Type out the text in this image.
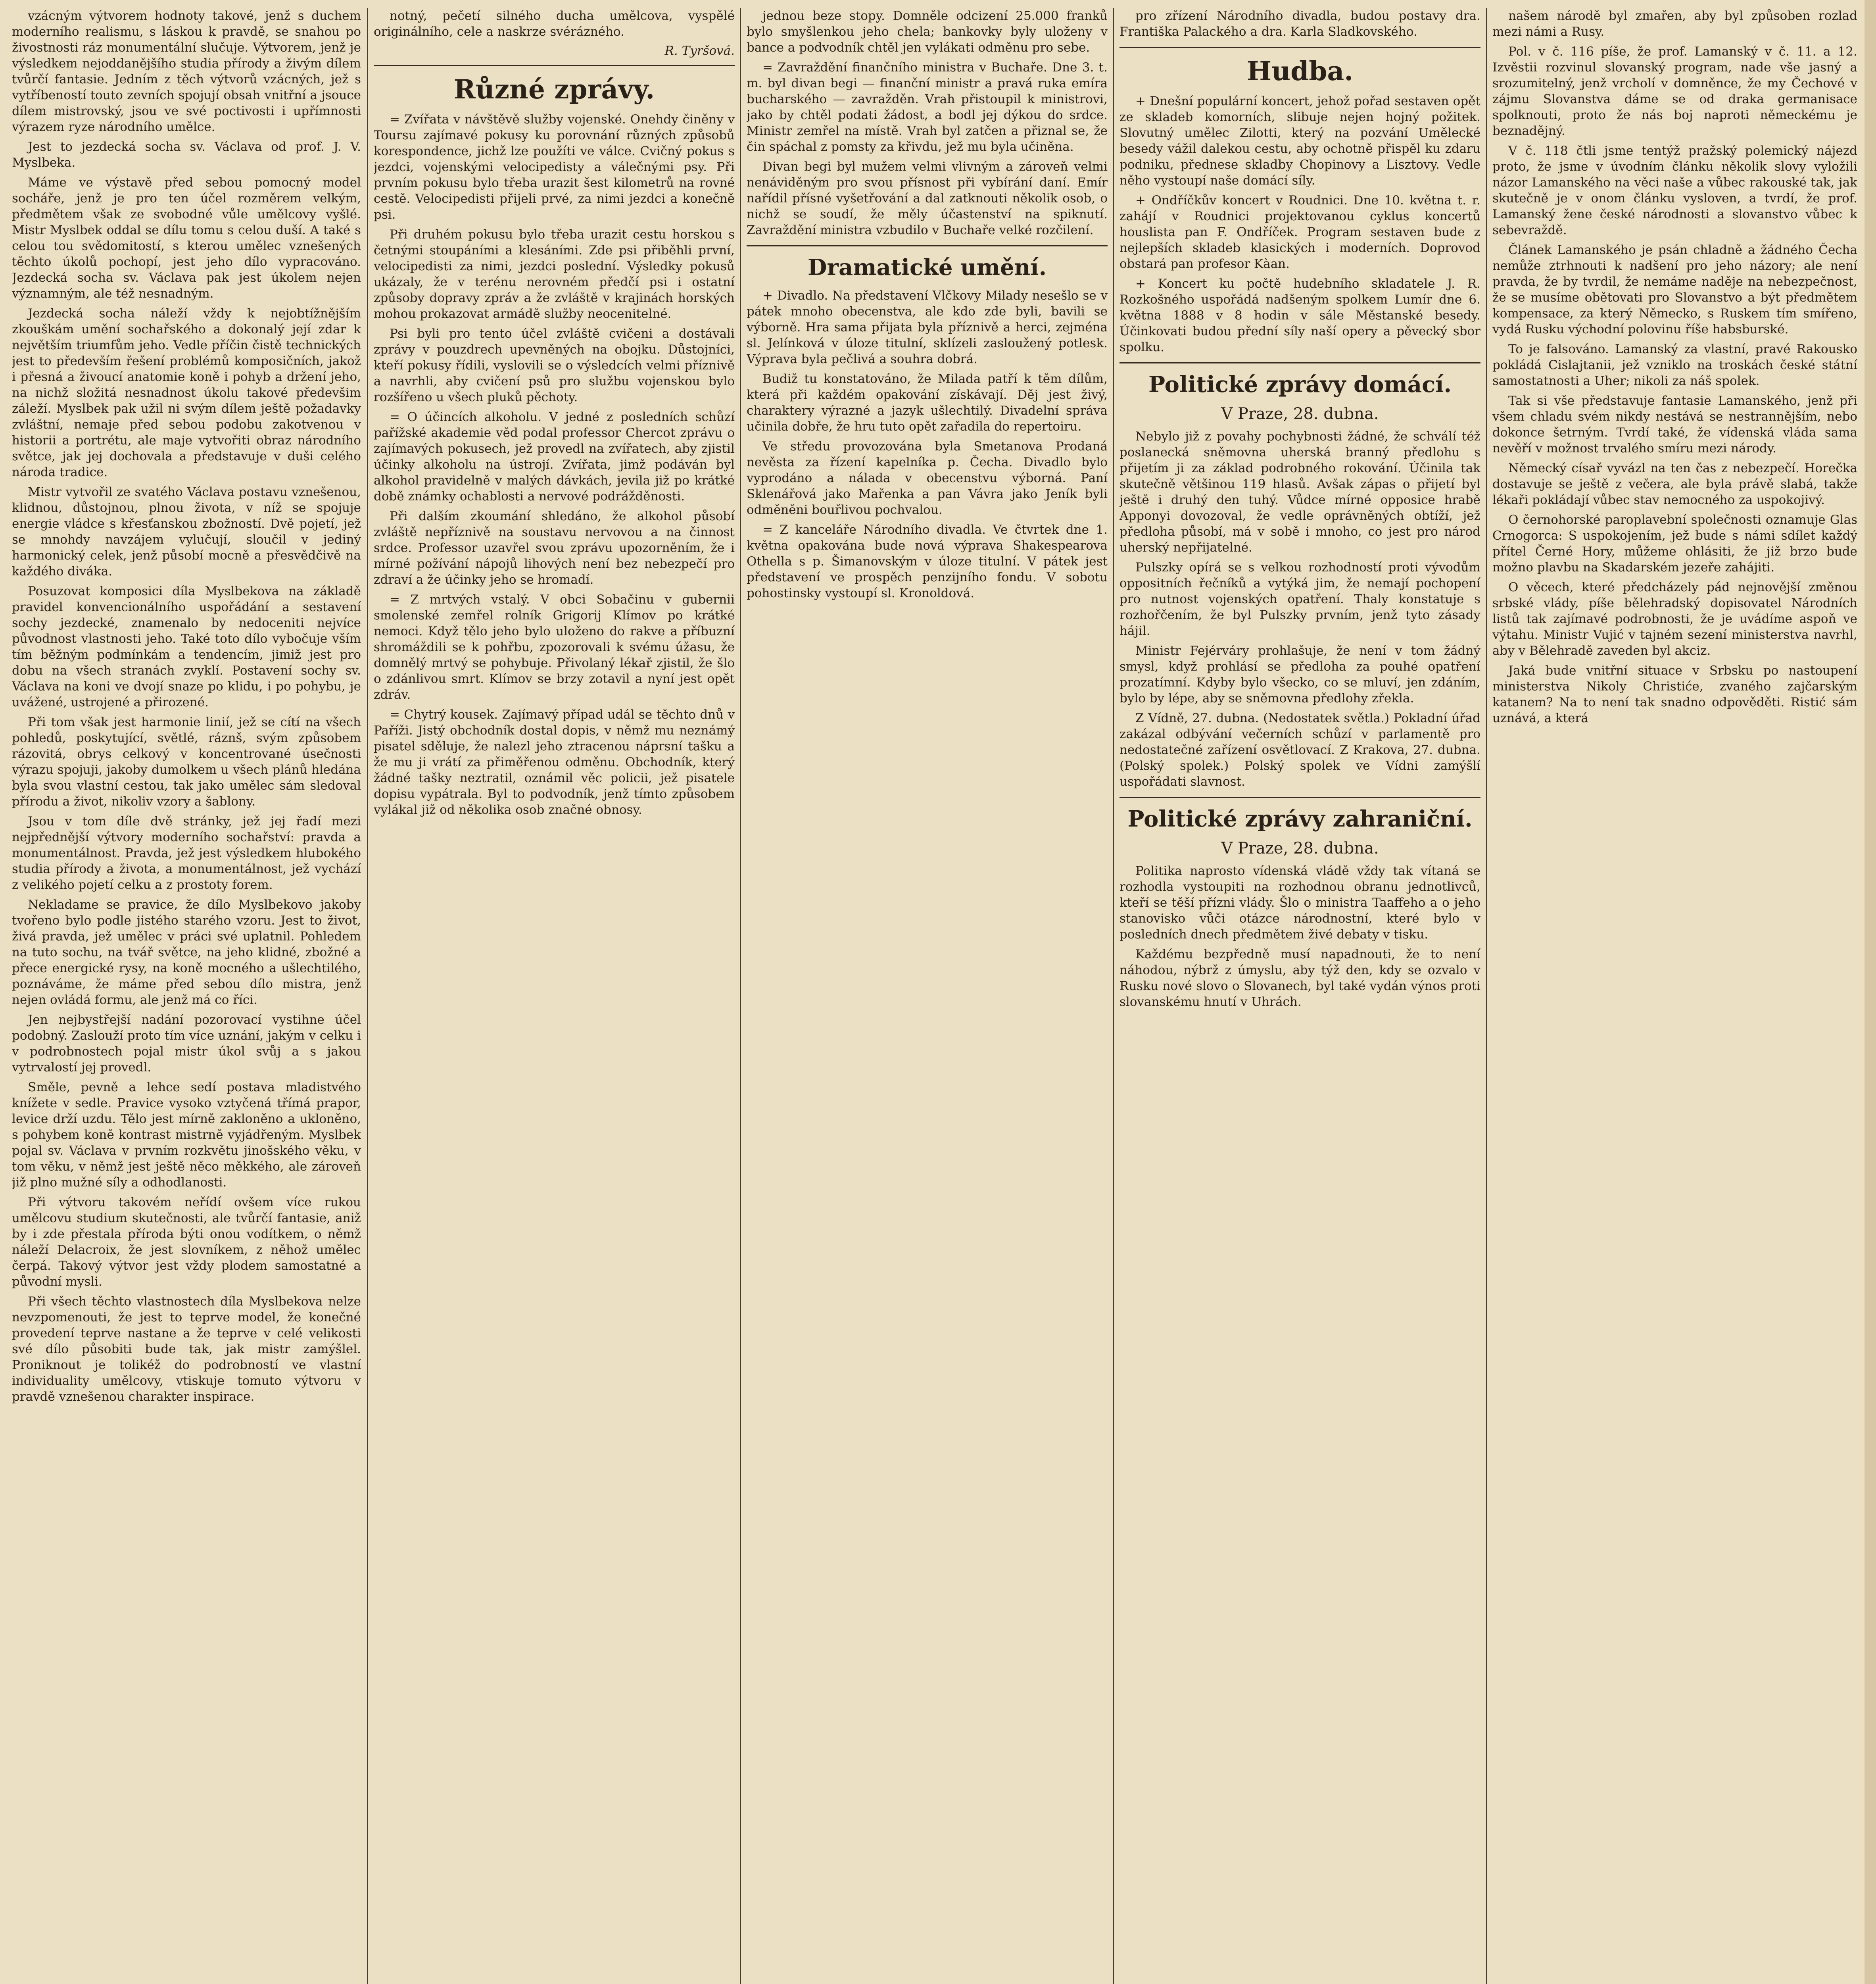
vzácným výtvorem hodnoty takové, jenž s duchem moderního realismu, s láskou k pravdě, se snahou po živostnosti ráz monumentální slučuje. Výtvorem, jenž je výsledkem nejoddanějšího studia přírody a živým dílem tvůrčí fantasie. Jedním z těch výtvorů vzácných, jež s vytříbeností touto zevních spojují obsah vnitřní a jsouce dílem mistrovský, jsou ve své poctivosti i upřímnosti výrazem ryze národního umělce.

Jest to jezdecká socha sv. Václava od prof. J. V. Myslbeka.

Máme ve výstavě před sebou pomocný model socháře, jenž je pro ten účel rozměrem velkým, předmětem však ze svobodné vůle umělcovy vyšlé. Mistr Myslbek oddal se dílu tomu s celou duší. A také s celou tou svědomitostí, s kterou umělec vznešených těchto úkolů pochopí, jest jeho dílo vypracováno. Jezdecká socha sv. Václava pak jest úkolem nejen významným, ale též nesnadným.

Jezdecká socha náleží vždy k nejobtížnějším zkouškám umění sochařského a dokonalý její zdar k největším triumfům jeho. Vedle příčin čistě technických jest to především řešení problémů komposičních, jakož i přesná a živoucí anatomie koně i pohyb a držení jeho, na nichž složitá nesnadnost úkolu takové předevšim záleží. Myslbek pak užil ni svým dílem ještě požadavky zvláštní, nemaje před sebou podobu zakotvenou v historii a portrétu, ale maje vytvořiti obraz národního světce, jak jej dochovala a představuje v duši celého národa tradice.

Mistr vytvořil ze svatého Václava postavu vznešenou, klidnou, důstojnou, plnou života, v níž se spojuje energie vládce s křesťanskou zbožností. Dvě pojetí, jež se mnohdy navzájem vylučují, sloučil v jediný harmonický celek, jenž působí mocně a přesvědčivě na každého diváka.

Posuzovat komposici díla Myslbekova na základě pravidel konvencionálního uspořádání a sestavení sochy jezdecké, znamenalo by nedoceniti nejvíce původnost vlastnosti jeho. Také toto dílo vybočuje vším tím běžným podmínkám a tendencím, jimiž jest pro dobu na všech stranách zvyklí. Postavení sochy sv. Václava na koni ve dvojí snaze po klidu, i po pohybu, je uvážené, ustrojené a přirozené.

Při tom však jest harmonie linií, jež se cítí na všech pohledů, poskytující, světlé, ráznš, svým způsobem rázovitá, obrys celkový v koncentrované úsečnosti výrazu spojuji, jakoby dumolkem u všech plánů hledána byla svou vlastní cestou, tak jako umělec sám sledoval přírodu a život, nikoliv vzory a šablony.

Jsou v tom díle dvě stránky, jež jej řadí mezi nejpřednější výtvory moderního sochařství: pravda a monumentálnost. Pravda, jež jest výsledkem hlubokého studia přírody a života, a monumentálnost, jež vychází z velikého pojetí celku a z prostoty forem.

Nekladame se pravice, že dílo Myslbekovo jakoby tvořeno bylo podle jistého starého vzoru. Jest to život, živá pravda, jež umělec v práci své uplatnil. Pohledem na tuto sochu, na tvář světce, na jeho klidné, zbožné a přece energické rysy, na koně mocného a ušlechtilého, poznáváme, že máme před sebou dílo mistra, jenž nejen ovládá formu, ale jenž má co říci.

Jen nejbystřejší nadání pozorovací vystihne účel podobný. Zaslouží proto tím více uznání, jakým v celku i v podrobnostech pojal mistr úkol svůj a s jakou vytrvalostí jej provedl.

Směle, pevně a lehce sedí postava mladistvého knížete v sedle. Pravice vysoko vztyčená třímá prapor, levice drží uzdu. Tělo jest mírně zakloněno a ukloněno, s pohybem koně kontrast mistrně vyjádřeným. Myslbek pojal sv. Václava v prvním rozkvětu jinošského věku, v tom věku, v němž jest ještě něco měkkého, ale zároveň již plno mužné síly a odhodlanosti.

Při výtvoru takovém neřídí ovšem více rukou umělcovu studium skutečnosti, ale tvůrčí fantasie, aniž by i zde přestala příroda býti onou vodítkem, o němž náleží Delacroix, že jest slovníkem, z něhož umělec čerpá. Takový výtvor jest vždy plodem samostatné a původní mysli.

Při všech těchto vlastnostech díla Myslbekova nelze nevzpomenouti, že jest to teprve model, že konečné provedení teprve nastane a že teprve v celé velikosti své dílo působiti bude tak, jak mistr zamýšlel. Proniknout je tolikéž do podrobností ve vlastní individuality umělcovy, vtiskuje tomuto výtvoru v pravdě vznešenou charakter inspirace.

notný, pečetí silného ducha umělcova, vyspělé originálního, cele a naskrze svérázného.

R. Tyršová.
Různé zprávy.

= Zvířata v návštěvě služby vojenské. Onehdy činěny v Toursu zajímavé pokusy ku porovnání různých způsobů korespondence, jichž lze použíti ve válce. Cvičný pokus s jezdci, vojenskými velocipedisty a válečnými psy. Při prvním pokusu bylo třeba urazit šest kilometrů na rovné cestě. Velocipedisti přijeli prvé, za nimi jezdci a konečně psi.

Při druhém pokusu bylo třeba urazit cestu horskou s četnými stoupáními a klesáními. Zde psi přiběhli první, velocipedisti za nimi, jezdci poslední. Výsledky pokusů ukázaly, že v terénu nerovném předčí psi i ostatní způsoby dopravy zpráv a že zvláště v krajinách horských mohou prokazovat armádě služby neocenitelné.

Psi byli pro tento účel zvláště cvičeni a dostávali zprávy v pouzdrech upevněných na obojku. Důstojníci, kteří pokusy řídili, vyslovili se o výsledcích velmi příznivě a navrhli, aby cvičení psů pro službu vojenskou bylo rozšířeno u všech pluků pěchoty.

= O účincích alkoholu. V jedné z posledních schůzí pařížské akademie věd podal professor Chercot zprávu o zajímavých pokusech, jež provedl na zvířatech, aby zjistil účinky alkoholu na ústrojí. Zvířata, jimž podáván byl alkohol pravidelně v malých dávkách, jevila již po krátké době známky ochablosti a nervové podrážděnosti.

Při dalším zkoumání shledáno, že alkohol působí zvláště nepříznivě na soustavu nervovou a na činnost srdce. Professor uzavřel svou zprávu upozorněním, že i mírné požívání nápojů lihových není bez nebezpečí pro zdraví a že účinky jeho se hromadí.

= Z mrtvých vstalý. V obci Sobačinu v gubernii smolenské zemřel rolník Grigorij Klímov po krátké nemoci. Když tělo jeho bylo uloženo do rakve a příbuzní shromáždili se k pohřbu, zpozorovali k svému úžasu, že domnělý mrtvý se pohybuje. Přivolaný lékař zjistil, že šlo o zdánlivou smrt. Klímov se brzy zotavil a nyní jest opět zdráv.

= Chytrý kousek. Zajímavý případ udál se těchto dnů v Paříži. Jistý obchodník dostal dopis, v němž mu neznámý pisatel sděluje, že nalezl jeho ztracenou náprsní tašku a že mu ji vrátí za přiměřenou odměnu. Obchodník, který žádné tašky neztratil, oznámil věc policii, jež pisatele dopisu vypátrala. Byl to podvodník, jenž tímto způsobem vylákal již od několika osob značné obnosy.

jednou beze stopy. Domněle odcizení 25.000 franků bylo smyšlenkou jeho chela; bankovky byly uloženy v bance a podvodník chtěl jen vylákati odměnu pro sebe.

= Zavraždění finančního ministra v Buchaře. Dne 3. t. m. byl divan begi — finanční ministr a pravá ruka emíra bucharského — zavražděn. Vrah přistoupil k ministrovi, jako by chtěl podati žádost, a bodl jej dýkou do srdce. Ministr zemřel na místě. Vrah byl zatčen a přiznal se, že čin spáchal z pomsty za křivdu, jež mu byla učiněna.

Divan begi byl mužem velmi vlivným a zároveň velmi nenáviděným pro svou přísnost při vybírání daní. Emír nařídil přísné vyšetřování a dal zatknouti několik osob, o nichž se soudí, že měly účastenství na spiknutí. Zavraždění ministra vzbudilo v Buchaře velké rozčilení.

Dramatické umění.

+ Divadlo. Na představení Vlčkovy Milady nesešlo se v pátek mnoho obecenstva, ale kdo zde byli, bavili se výborně. Hra sama přijata byla příznivě a herci, zejména sl. Jelínková v úloze titulní, sklízeli zasloužený potlesk. Výprava byla pečlivá a souhra dobrá.

Budiž tu konstatováno, že Milada patří k těm dílům, která při každém opakování získávají. Děj jest živý, charaktery výrazné a jazyk ušlechtilý. Divadelní správa učinila dobře, že hru tuto opět zařadila do repertoiru.

Ve středu provozována byla Smetanova Prodaná nevěsta za řízení kapelníka p. Čecha. Divadlo bylo vyprodáno a nálada v obecenstvu výborná. Paní Sklenářová jako Mařenka a pan Vávra jako Jeník byli odměněni bouřlivou pochvalou.

= Z kanceláře Národního divadla. Ve čtvrtek dne 1. května opakována bude nová výprava Shakespearova Othella s p. Šimanovským v úloze titulní. V pátek jest představení ve prospěch penzijního fondu. V sobotu pohostinsky vystoupí sl. Kronoldová.

pro zřízení Národního divadla, budou postavy dra. Františka Palackého a dra. Karla Sladkovského.

Hudba.

+ Dnešní populární koncert, jehož pořad sestaven opět ze skladeb komorních, slibuje nejen hojný požitek. Slovutný umělec Zilotti, který na pozvání Umělecké besedy vážil dalekou cestu, aby ochotně přispěl ku zdaru podniku, přednese skladby Chopinovy a Lisztovy. Vedle něho vystoupí naše domácí síly.

+ Ondříčkův koncert v Roudnici. Dne 10. května t. r. zahájí v Roudnici projektovanou cyklus koncertů houslista pan F. Ondříček. Program sestaven bude z nejlepších skladeb klasických i moderních. Doprovod obstará pan profesor Kàan.

+ Koncert ku počtě hudebního skladatele J. R. Rozkošného uspořádá nadšeným spolkem Lumír dne 6. května 1888 v 8 hodin v sále Městanské besedy. Účinkovati budou přední síly naší opery a pěvecký sbor spolku.

Politické zprávy domácí.
V Praze, 28. dubna.

Nebylo již z povahy pochybnosti žádné, že schválí též poslanecká sněmovna uherská branný předlohu s přijetím ji za základ podrobného rokování. Účinila tak skutečně většinou 119 hlasů. Avšak zápas o přijetí byl ještě i druhý den tuhý. Vůdce mírné opposice hrabě Apponyi dovozoval, že vedle oprávněných obtíží, jež předloha působí, má v sobě i mnoho, co jest pro národ uherský nepřijatelné.

Pulszky opírá se s velkou rozhodností proti vývodům oppositních řečníků a vytýká jim, že nemají pochopení pro nutnost vojenských opatření. Thaly konstatuje s rozhořčením, že byl Pulszky prvním, jenž tyto zásady hájil.

Ministr Fejérváry prohlašuje, že není v tom žádný smysl, když prohlásí se předloha za pouhé opatření prozatímní. Kdyby bylo všecko, co se mluví, jen zdáním, bylo by lépe, aby se sněmovna předlohy zřekla.

Z Vídně, 27. dubna. (Nedostatek světla.) Pokladní úřad zakázal odbývání večerních schůzí v parlamentě pro nedostatečné zařízení osvětlovací. Z Krakova, 27. dubna. (Polský spolek.) Polský spolek ve Vídni zamýšlí uspořádati slavnost.

Politické zprávy zahraniční.
V Praze, 28. dubna.

Politika naprosto vídenská vládě vždy tak vítaná se rozhodla vystoupiti na rozhodnou obranu jednotlivců, kteří se těší přízni vlády. Šlo o ministra Taaffeho a o jeho stanovisko vůči otázce národnostní, které bylo v posledních dnech předmětem živé debaty v tisku.

Každému bezpředně musí napadnouti, že to není náhodou, nýbrž z úmyslu, aby týž den, kdy se ozvalo v Rusku nové slovo o Slovanech, byl také vydán výnos proti slovanskému hnutí v Uhrách.

našem národě byl zmařen, aby byl způsoben rozlad mezi námi a Rusy.

Pol. v č. 116 píše, že prof. Lamanský v č. 11. a 12. Izvěstii rozvinul slovanský program, nade vše jasný a srozumitelný, jenž vrcholí v domněnce, že my Čechové v zájmu Slovanstva dáme se od draka germanisace spolknouti, proto že nás boj naproti německému je beznadějný.

V č. 118 čtli jsme tentýž pražský polemický nájezd proto, že jsme v úvodním článku několik slovy vyložili názor Lamanského na věci naše a vůbec rakouské tak, jak skutečně je v onom článku vysloven, a tvrdí, že prof. Lamanský žene české národnosti a slovanstvo vůbec k sebevraždě.

Článek Lamanského je psán chladně a žádného Čecha nemůže ztrhnouti k nadšení pro jeho názory; ale není pravda, že by tvrdil, že nemáme naděje na nebezpečnost, že se musíme obětovati pro Slovanstvo a být předmětem kompensace, za který Německo, s Ruskem tím smířeno, vydá Rusku východní polovinu říše habsburské.

To je falsováno. Lamanský za vlastní, pravé Rakousko pokládá Cislajtanii, jež vzniklo na troskách české státní samostatnosti a Uher; nikoli za náš spolek.

Tak si vše představuje fantasie Lamanského, jenž při všem chladu svém nikdy nestává se nestrannějším, nebo dokonce šetrným. Tvrdí také, že vídenská vláda sama nevěří v možnost trvalého smíru mezi národy.

Německý císař vyvázl na ten čas z nebezpečí. Horečka dostavuje se ještě z večera, ale byla právě slabá, takže lékaři pokládají vůbec stav nemocného za uspokojivý.

O černohorské paroplavební společnosti oznamuje Glas Crnogorca: S uspokojením, jež bude s námi sdílet každý přítel Černé Hory, můžeme ohlásiti, že již brzo bude možno plavbu na Skadarském jezeře zahájiti.

O věcech, které předcházely pád nejnovější změnou srbské vlády, píše bělehradský dopisovatel Národních listů tak zajímavé podrobnosti, že je uvádíme aspoň ve výtahu. Ministr Vujić v tajném sezení ministerstva navrhl, aby v Bělehradě zaveden byl akciz.

Jaká bude vnitřní situace v Srbsku po nastoupení ministerstva Nikoly Christiće, zvaného zajčarským katanem? Na to není tak snadno odpověděti. Ristić sám uznává, a která
